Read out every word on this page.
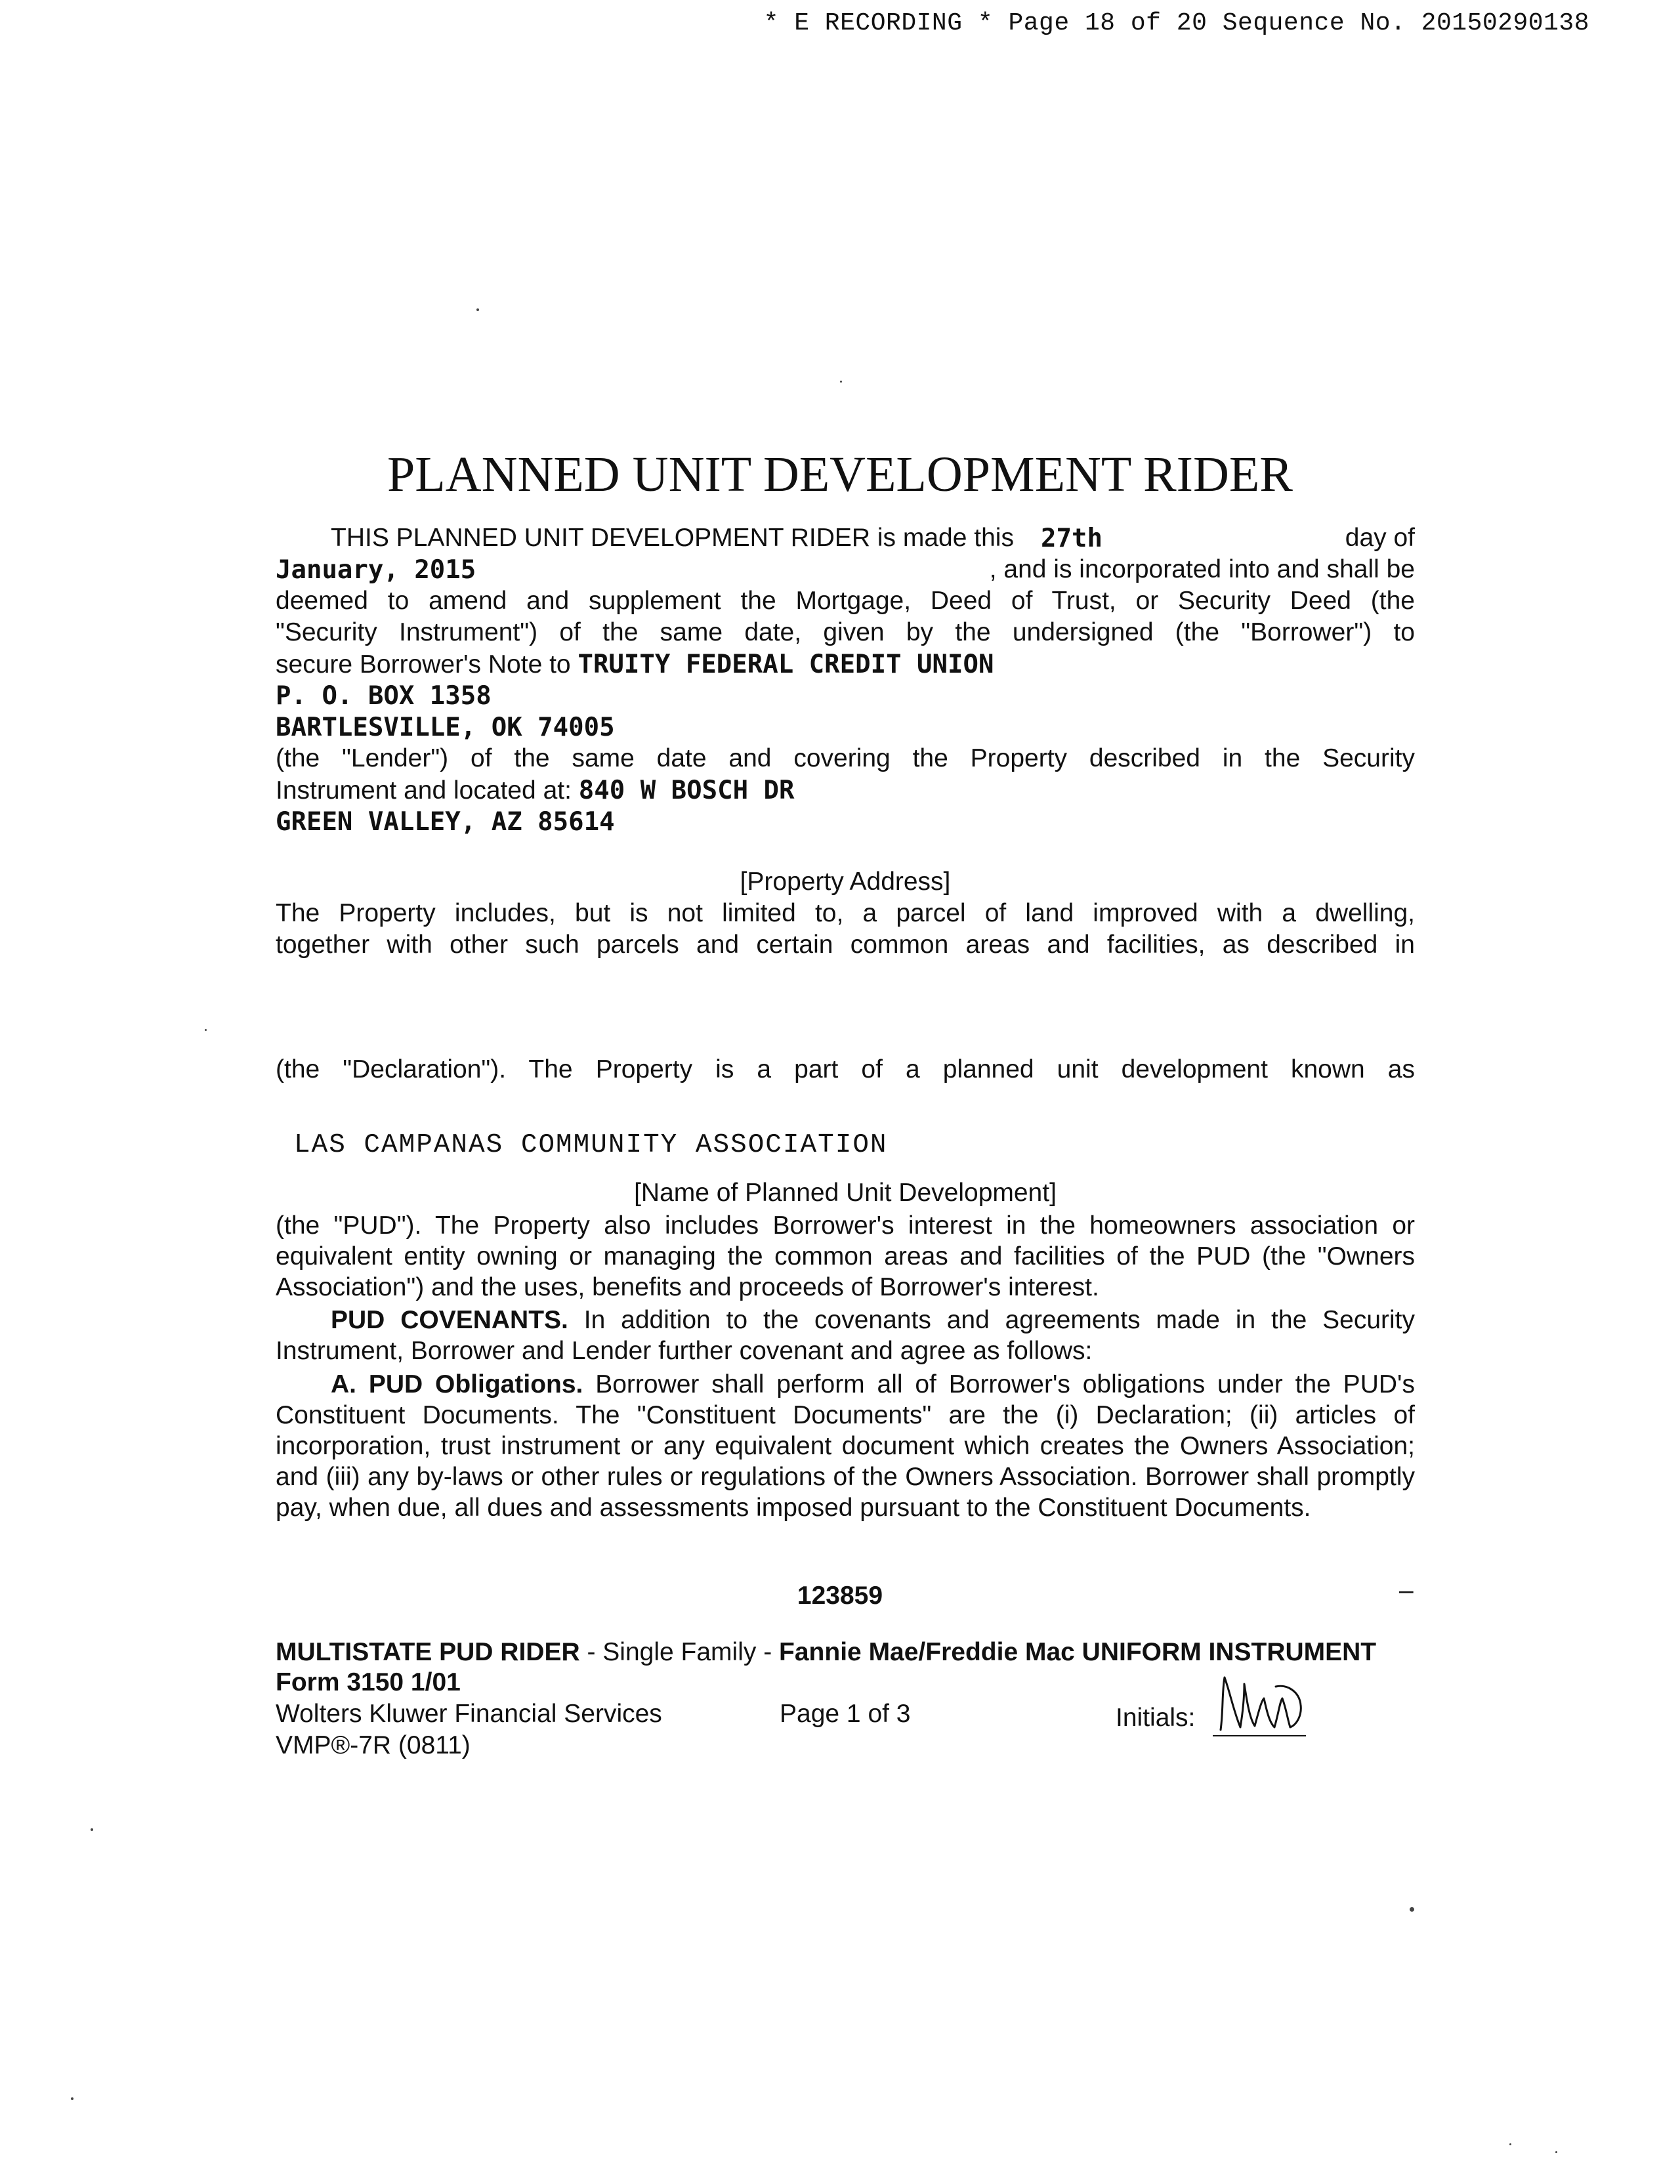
* E RECORDING * Page 18 of 20 Sequence No. 20150290138
PLANNED UNIT DEVELOPMENT RIDER
THIS PLANNED UNIT DEVELOPMENT RIDER is made this 27th	day of
January, 2015	, and is incorporated into and shall be
deemed to amend and supplement the Mortgage, Deed of Trust, or Security Deed (the
"Security Instrument") of the same date, given by the undersigned (the "Borrower") to
secure Borrower's Note to TRUITY FEDERAL CREDIT UNION
P. O. BOX 1358
BARTLESVILLE, OK 74005
(the "Lender") of the same date and covering the Property described in the Security
Instrument and located at: 840 W BOSCH DR
GREEN VALLEY, AZ 85614
[Property Address]
The Property includes, but is not limited to, a parcel of land improved with a dwelling,
together with other such parcels and certain common areas and facilities, as described in
(the "Declaration"). The Property is a part of a planned unit development known as
LAS CAMPANAS COMMUNITY ASSOCIATION
[Name of Planned Unit Development]
(the "PUD"). The Property also includes Borrower's interest in the homeowners association or equivalent entity owning or managing the common areas and facilities of the PUD (the "Owners Association") and the uses, benefits and proceeds of Borrower's interest.
PUD COVENANTS. In addition to the covenants and agreements made in the Security Instrument, Borrower and Lender further covenant and agree as follows:
A. PUD Obligations. Borrower shall perform all of Borrower's obligations under the PUD's Constituent Documents. The "Constituent Documents" are the (i) Declaration; (ii) articles of incorporation, trust instrument or any equivalent document which creates the Owners Association; and (iii) any by-laws or other rules or regulations of the Owners Association. Borrower shall promptly pay, when due, all dues and assessments imposed pursuant to the Constituent Documents.
123859	–
MULTISTATE PUD RIDER - Single Family - Fannie Mae/Freddie Mac UNIFORM INSTRUMENT
Form 3150 1/01
Wolters Kluwer Financial Services	Page 1 of 3	Initials:
VMP®-7R (0811)
